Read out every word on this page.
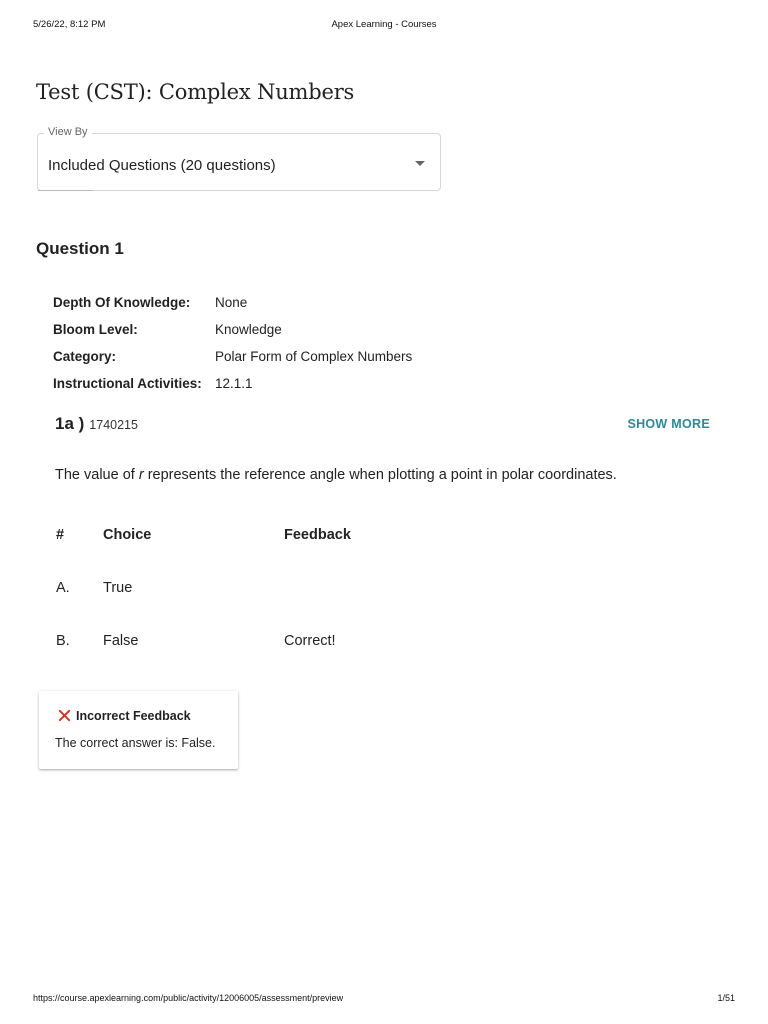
5/26/22, 8:12 PM	Apex Learning - Courses
Test (CST): Complex Numbers
View By
Included Questions (20 questions)
Question 1
Depth Of Knowledge:	None
Bloom Level:	Knowledge
Category:	Polar Form of Complex Numbers
Instructional Activities: 12.1.1
1a ) 1740215	SHOW MORE

The value of r represents the reference angle when plotting a point in polar coordinates.

#	Choice	Feedback
A. True
B. False	Correct!
Incorrect Feedback
The correct answer is: False.
https://course.apexlearning.com/public/activity/12006005/assessment/preview	1/51
